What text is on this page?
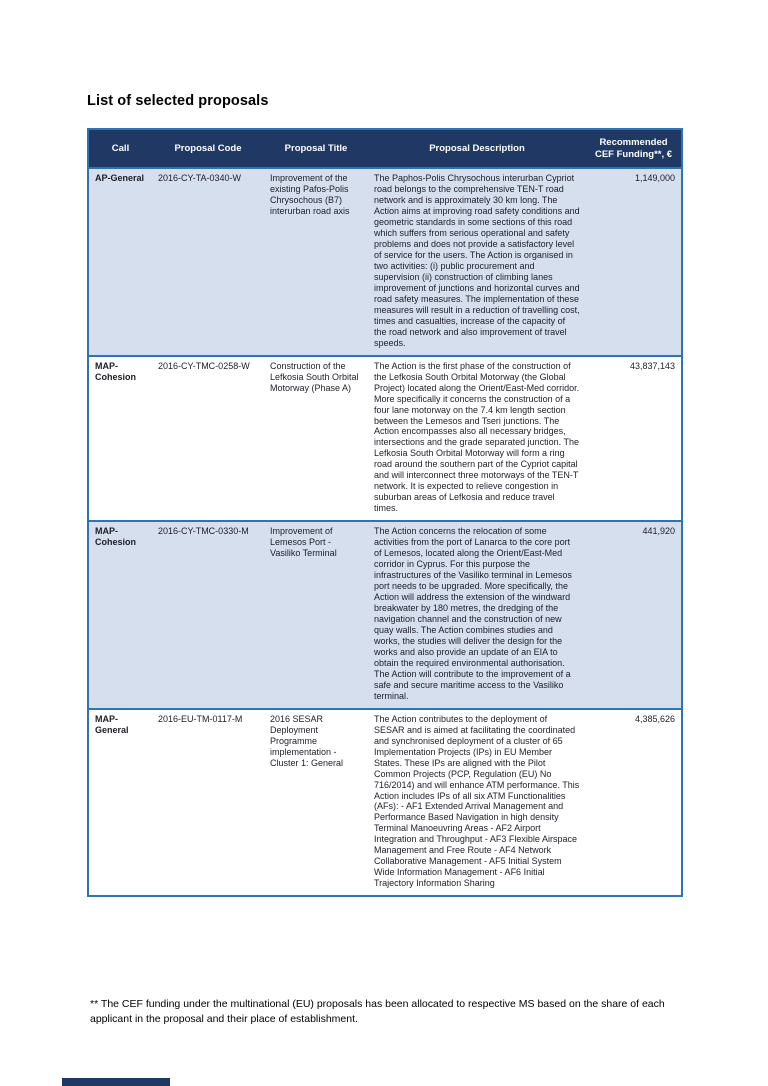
List of selected proposals
Call	Proposal Code	Proposal Title	Proposal Description	Recommended CEF Funding**, €
AP-General	2016-CY-TA-0340-W	Improvement of the existing Pafos-Polis Chrysochous (B7) interurban road axis	The Paphos-Polis Chrysochous interurban Cypriot road belongs to the comprehensive TEN-T road network and is approximately 30 km long. The Action aims at improving road safety conditions and geometric standards in some sections of this road which suffers from serious operational and safety problems and does not provide a satisfactory level of service for the users. The Action is organised in two activities: (i) public procurement and supervision (ii) construction of climbing lanes improvement of junctions and horizontal curves and road safety measures. The implementation of these measures will result in a reduction of travelling cost, times and casualties, increase of the capacity of the road network and also improvement of travel speeds.	1,149,000
MAP-Cohesion	2016-CY-TMC-0258-W	Construction of the Lefkosia South Orbital Motorway (Phase A)	The Action is the first phase of the construction of the Lefkosia South Orbital Motorway (the Global Project) located along the Orient/East-Med corridor. More specifically it concerns the construction of a four lane motorway on the 7.4 km length section between the Lemesos and Tseri junctions. The Action encompasses also all necessary bridges, intersections and the grade separated junction. The Lefkosia South Orbital Motorway will form a ring road around the southern part of the Cypriot capital and will interconnect three motorways of the TEN-T network. It is expected to relieve congestion in suburban areas of Lefkosia and reduce travel times.	43,837,143
MAP-Cohesion	2016-CY-TMC-0330-M	Improvement of Lemesos Port - Vasiliko Terminal	The Action concerns the relocation of some activities from the port of Lanarca to the core port of Lemesos, located along the Orient/East-Med corridor in Cyprus. For this purpose the infrastructures of the Vasiliko terminal in Lemesos port needs to be upgraded. More specifically, the Action will address the extension of the windward breakwater by 180 metres, the dredging of the navigation channel and the construction of new quay walls. The Action combines studies and works, the studies will deliver the design for the works and also provide an update of an EIA to obtain the required environmental authorisation. The Action will contribute to the improvement of a safe and secure maritime access to the Vasiliko terminal.	441,920
MAP-General	2016-EU-TM-0117-M	2016 SESAR Deployment Programme implementation - Cluster 1: General	The Action contributes to the deployment of SESAR and is aimed at facilitating the coordinated and synchronised deployment of a cluster of 65 Implementation Projects (IPs) in EU Member States. These IPs are aligned with the Pilot Common Projects (PCP, Regulation (EU) No 716/2014) and will enhance ATM performance. This Action includes IPs of all six ATM Functionalities (AFs): - AF1 Extended Arrival Management and Performance Based Navigation in high density Terminal Manoeuvring Areas - AF2 Airport Integration and Throughput - AF3 Flexible Airspace Management and Free Route - AF4 Network Collaborative Management - AF5 Initial System Wide Information Management - AF6 Initial Trajectory Information Sharing	4,385,626
** The CEF funding under the multinational (EU) proposals has been allocated to respective MS based on the share of each applicant in the proposal and their place of establishment.
